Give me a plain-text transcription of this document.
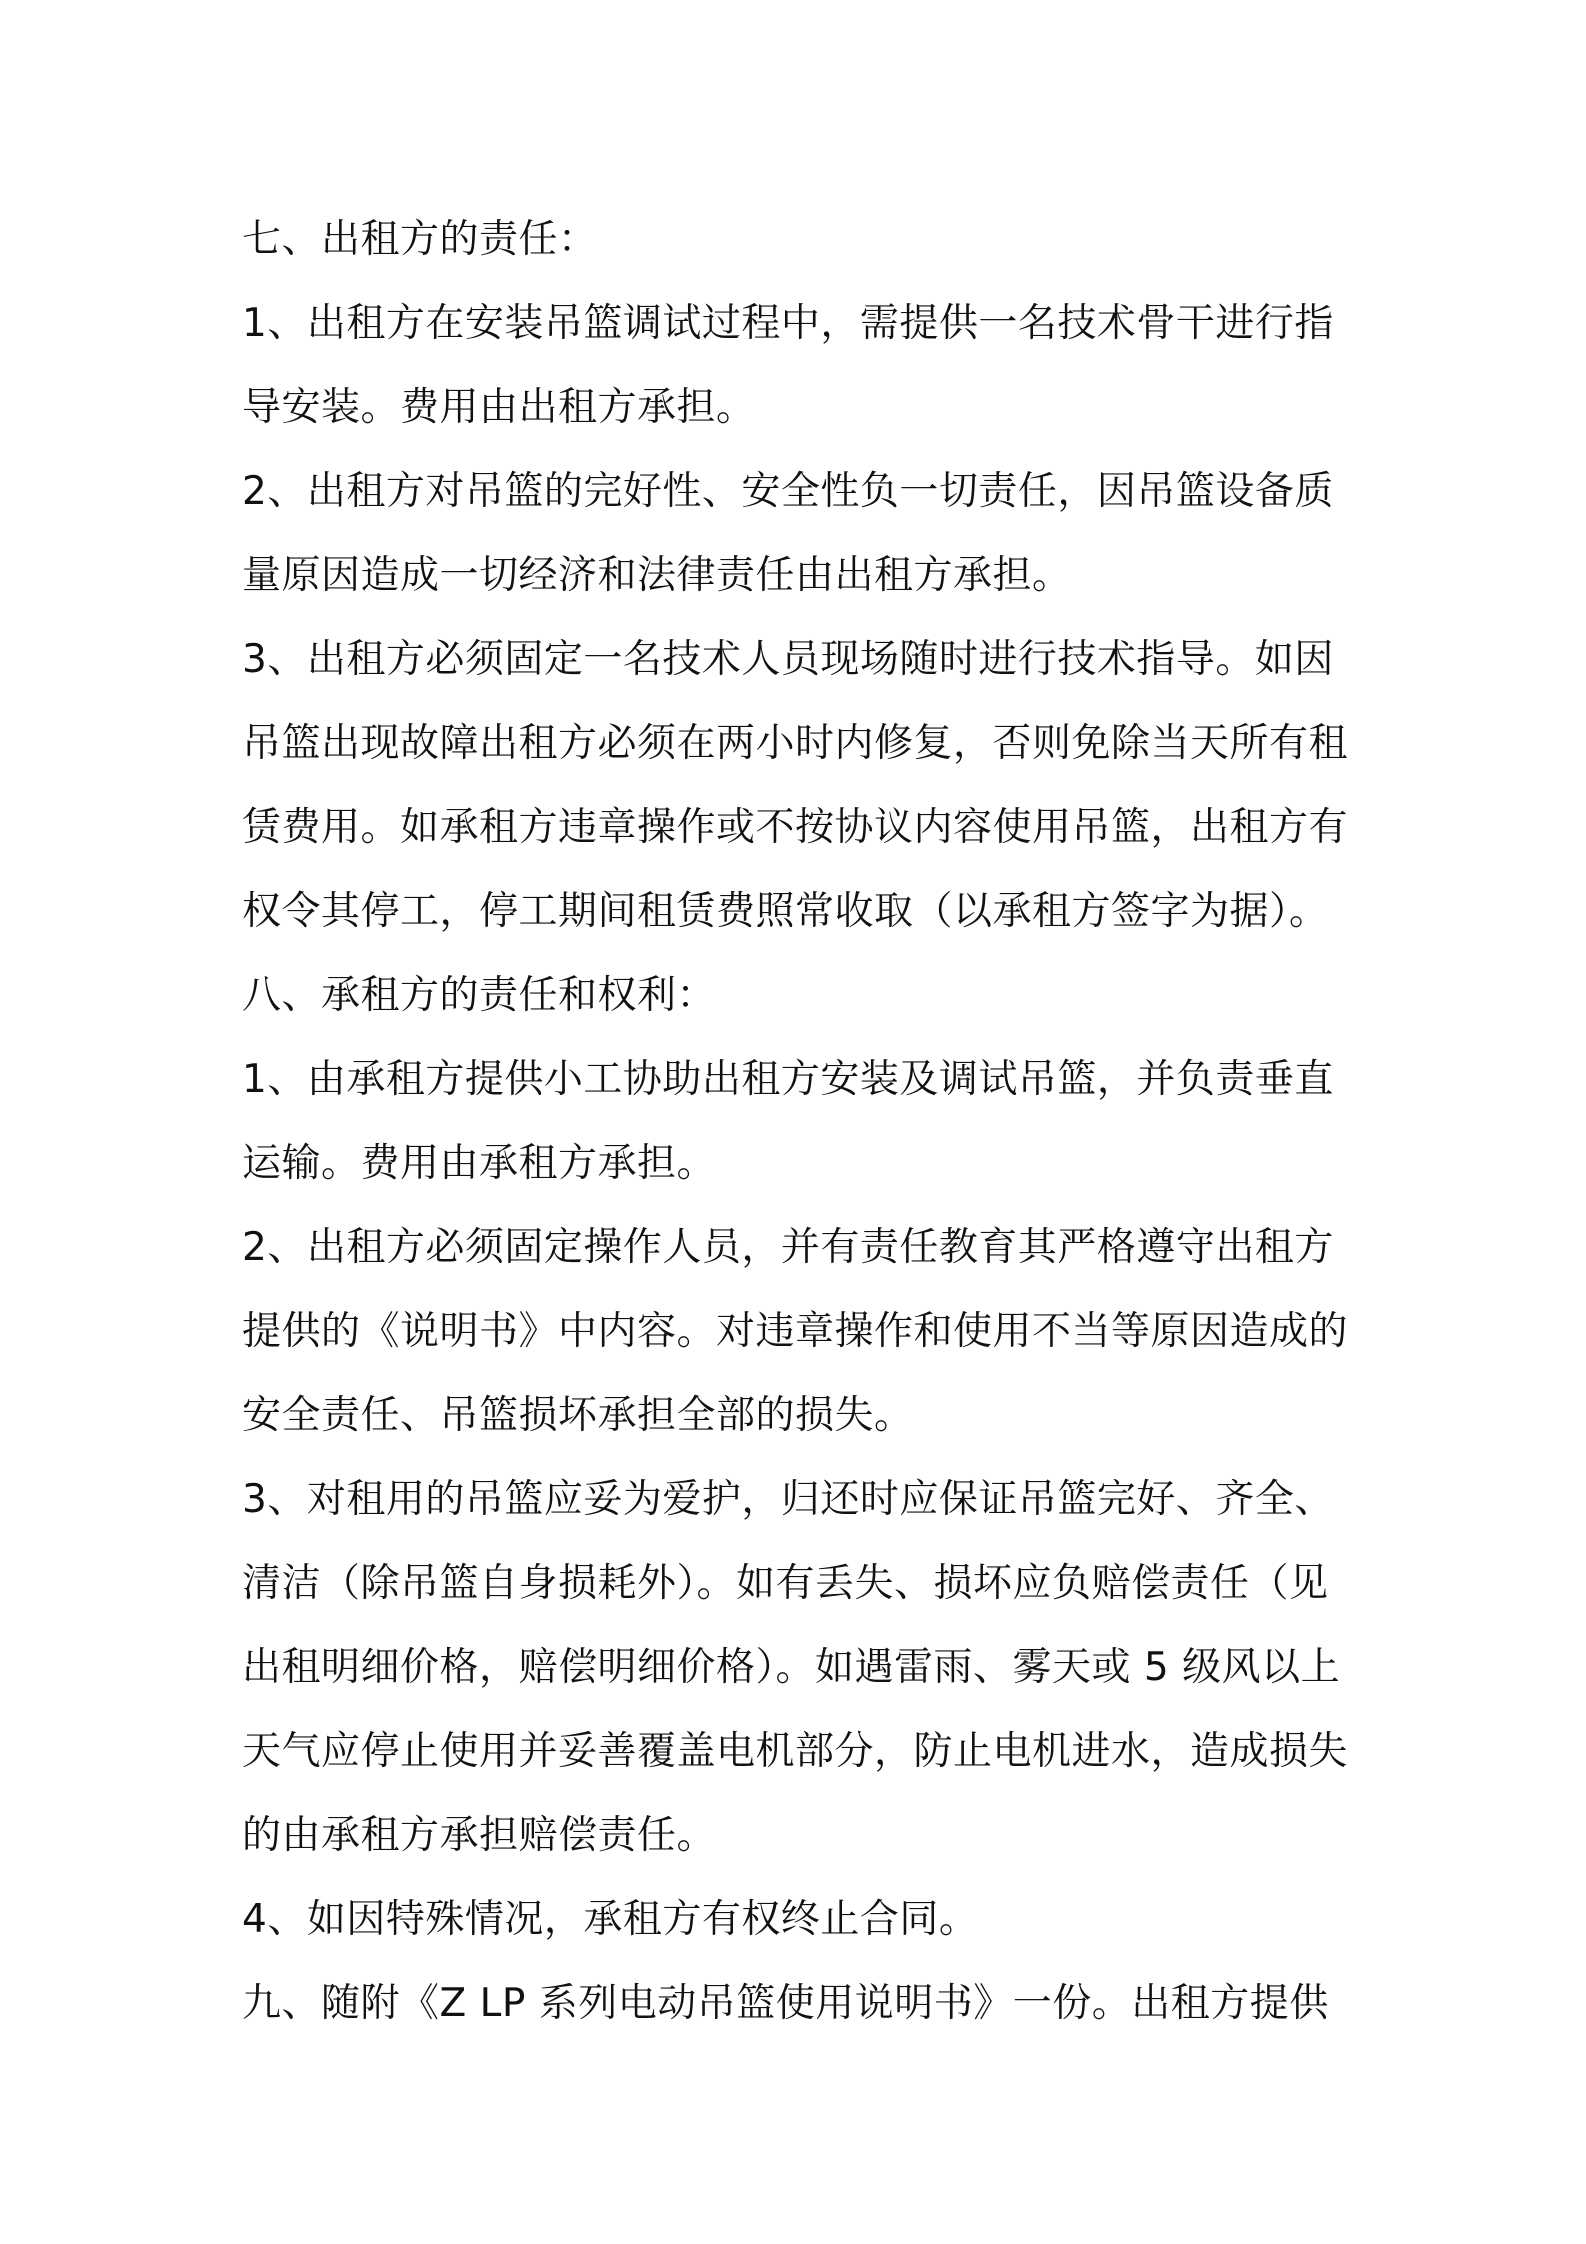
七、出租方的责任：
1、出租方在安装吊篮调试过程中，需提供一名技术骨干进行指
导安装。费用由出租方承担。
2、出租方对吊篮的完好性、安全性负一切责任，因吊篮设备质
量原因造成一切经济和法律责任由出租方承担。
3、出租方必须固定一名技术人员现场随时进行技术指导。如因
吊篮出现故障出租方必须在两小时内修复，否则免除当天所有租
赁费用。如承租方违章操作或不按协议内容使用吊篮，出租方有
权令其停工，停工期间租赁费照常收取（以承租方签字为据）。
八、承租方的责任和权利：
1、由承租方提供小工协助出租方安装及调试吊篮，并负责垂直
运输。费用由承租方承担。
2、出租方必须固定操作人员，并有责任教育其严格遵守出租方
提供的《说明书》中内容。对违章操作和使用不当等原因造成的
安全责任、吊篮损坏承担全部的损失。
3、对租用的吊篮应妥为爱护，归还时应保证吊篮完好、齐全、
清洁（除吊篮自身损耗外）。如有丢失、损坏应负赔偿责任（见
出租明细价格，赔偿明细价格）。如遇雷雨、雾天或 5 级风以上
天气应停止使用并妥善覆盖电机部分，防止电机进水，造成损失
的由承租方承担赔偿责任。
4、如因特殊情况，承租方有权终止合同。
九、随附《Z LP 系列电动吊篮使用说明书》一份。出租方提供
